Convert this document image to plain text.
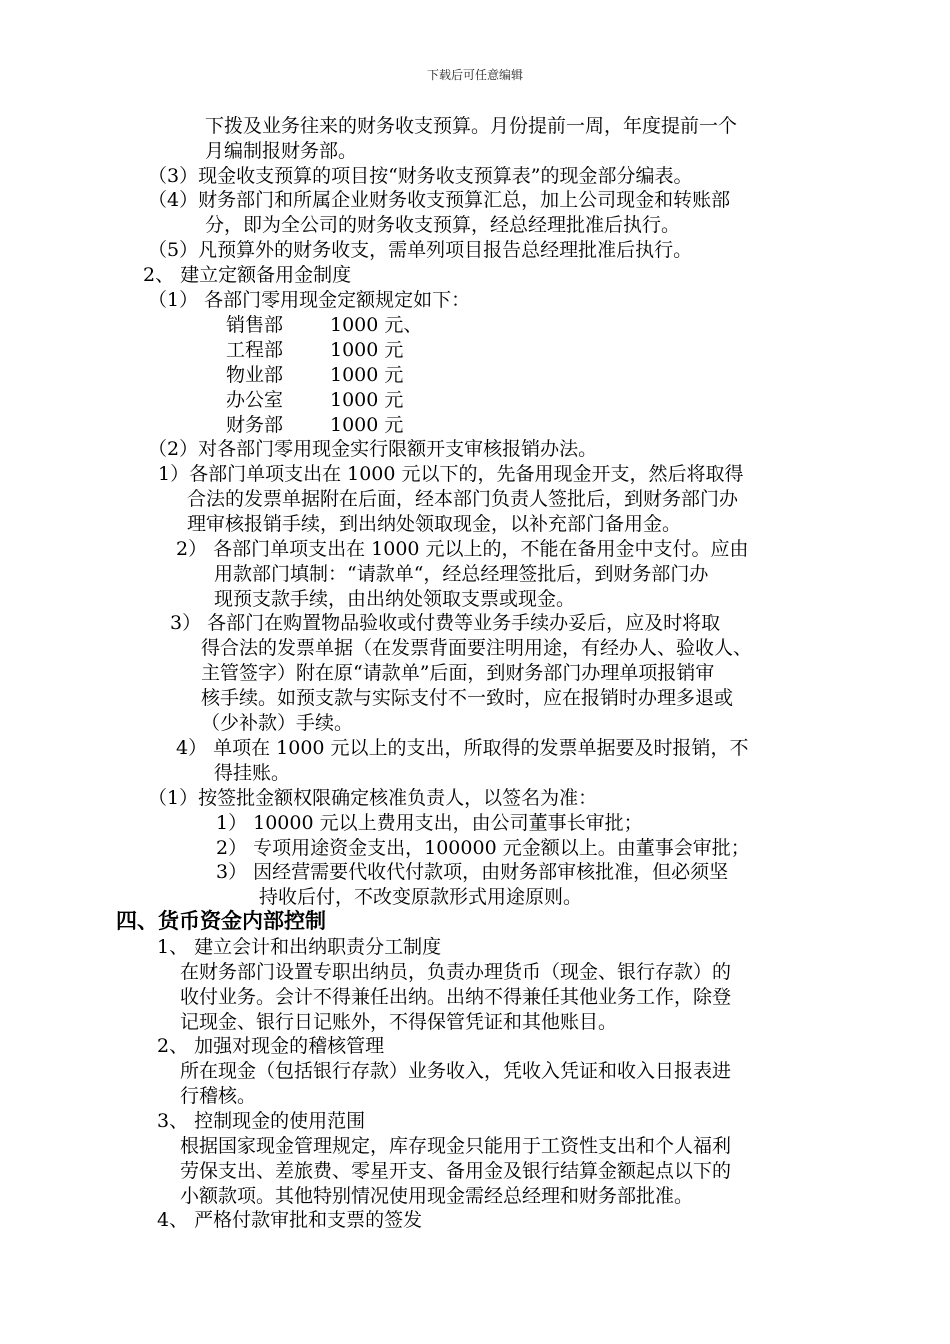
下载后可任意编辑
下拨及业务往来的财务收支预算。月份提前一周，年度提前一个
月编制报财务部。
（3）现金收支预算的项目按“财务收支预算表”的现金部分编表。
（4）财务部门和所属企业财务收支预算汇总，加上公司现金和转账部
分，即为全公司的财务收支预算，经总经理批准后执行。
（5）凡预算外的财务收支，需单列项目报告总经理批准后执行。
2、 建立定额备用金制度
（1） 各部门零用现金定额规定如下：
销售部 1000 元、
工程部 1000 元
物业部 1000 元
办公室 1000 元
财务部 1000 元
（2）对各部门零用现金实行限额开支审核报销办法。
1）各部门单项支出在 1000 元以下的，先备用现金开支，然后将取得
合法的发票单据附在后面，经本部门负责人签批后，到财务部门办
理审核报销手续，到出纳处领取现金，以补充部门备用金。
2） 各部门单项支出在 1000 元以上的，不能在备用金中支付。应由
用款部门填制：“请款单“，经总经理签批后，到财务部门办
现预支款手续，由出纳处领取支票或现金。
3） 各部门在购置物品验收或付费等业务手续办妥后，应及时将取
得合法的发票单据（在发票背面要注明用途，有经办人、验收人、
主管签字）附在原“请款单”后面，到财务部门办理单项报销审
核手续。如预支款与实际支付不一致时，应在报销时办理多退或
（少补款）手续。
4） 单项在 1000 元以上的支出，所取得的发票单据要及时报销，不
得挂账。
（1）按签批金额权限确定核准负责人，以签名为准：
1） 10000 元以上费用支出，由公司董事长审批；
2） 专项用途资金支出，100000 元金额以上。由董事会审批；
3） 因经营需要代收代付款项，由财务部审核批准，但必须坚
持收后付，不改变原款形式用途原则。
四、货币资金内部控制
1、 建立会计和出纳职责分工制度
在财务部门设置专职出纳员，负责办理货币（现金、银行存款）的
收付业务。会计不得兼任出纳。出纳不得兼任其他业务工作，除登
记现金、银行日记账外，不得保管凭证和其他账目。
2、 加强对现金的稽核管理
所在现金（包括银行存款）业务收入，凭收入凭证和收入日报表进
行稽核。
3、 控制现金的使用范围
根据国家现金管理规定，库存现金只能用于工资性支出和个人福利
劳保支出、差旅费、零星开支、备用金及银行结算金额起点以下的
小额款项。其他特别情况使用现金需经总经理和财务部批准。
4、 严格付款审批和支票的签发
